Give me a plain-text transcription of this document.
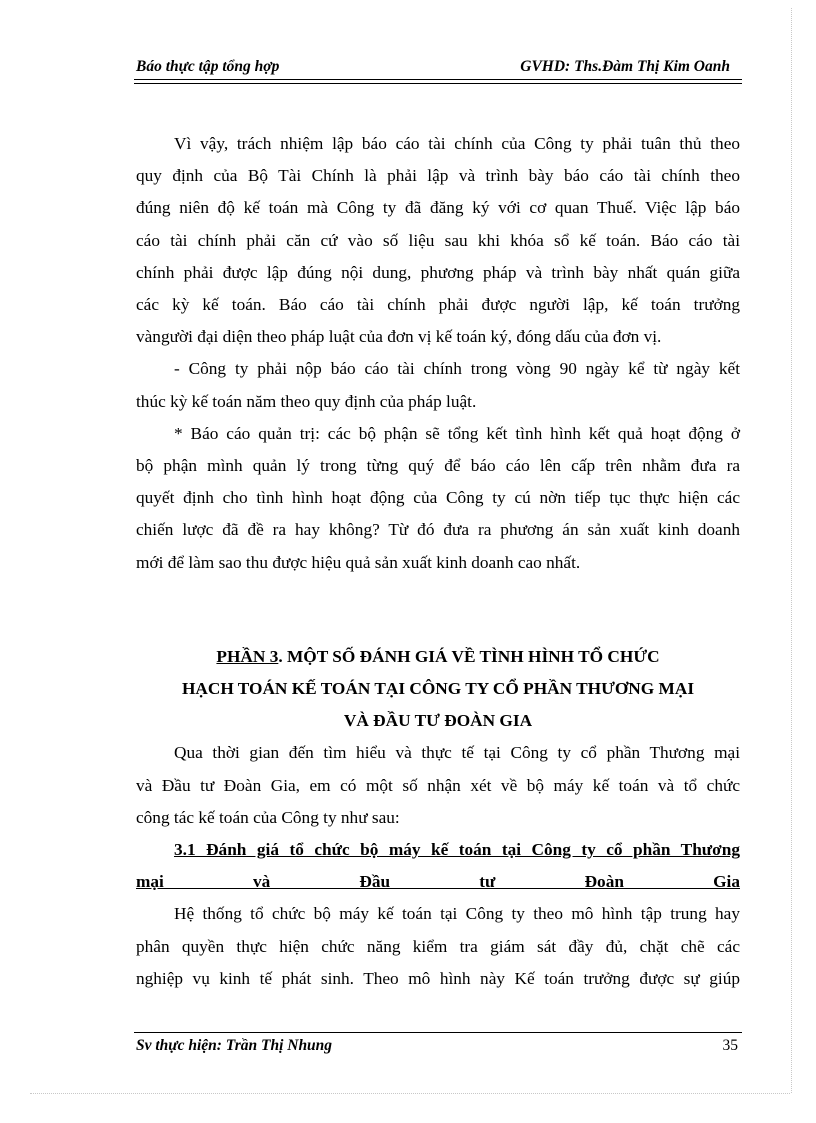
Báo thực tập tổng hợp	GVHD: Ths.Đàm Thị Kim Oanh

Vì vậy, trách nhiệm lập báo cáo tài chính của Công ty phải tuân thủ theo

quy định của Bộ Tài Chính là phải lập và trình bày báo cáo tài chính theo

đúng niên độ kế toán mà Công ty đã đăng ký với cơ quan Thuế. Việc lập báo

cáo tài chính phải căn cứ vào số liệu sau khi khóa sổ kế toán. Báo cáo tài

chính phải được lập đúng nội dung, phương pháp và trình bày nhất quán giữa

các kỳ kế toán. Báo cáo tài chính phải được người lập, kế toán trưởng

vàngười đại diện theo pháp luật của đơn vị kế toán ký, đóng dấu của đơn vị.

- Công ty phải nộp báo cáo tài chính trong vòng 90 ngày kể từ ngày kết

thúc kỳ kế toán năm theo quy định của pháp luật.

* Báo cáo quản trị: các bộ phận sẽ tổng kết tình hình kết quả hoạt động ở

bộ phận mình quản lý trong từng quý để báo cáo lên cấp trên nhằm đưa ra

quyết định cho tình hình hoạt động của Công ty cú nờn tiếp tục thực hiện các

chiến lược đã đề ra hay không? Từ đó đưa ra phương án sản xuất kinh doanh

mới để làm sao thu được hiệu quả sản xuất kinh doanh cao nhất.

PHẦN 3. MỘT SỐ ĐÁNH GIÁ VỀ TÌNH HÌNH TỔ CHỨC
HẠCH TOÁN KẾ TOÁN TẠI CÔNG TY CỔ PHẦN THƯƠNG MẠI
VÀ ĐẦU TƯ ĐOÀN GIA

Qua thời gian đến tìm hiểu và thực tế tại Công ty cổ phần Thương mại

và Đầu tư Đoàn Gia, em có một số nhận xét về bộ máy kế toán và tổ chức

công tác kế toán của Công ty như sau:

3.1 Đánh giá tổ chức bộ máy kế toán tại Công ty cổ phần Thương

mại và Đầu tư Đoàn Gia

Hệ thống tổ chức bộ máy kế toán tại Công ty theo mô hình tập trung hay

phân quyền thực hiện chức năng kiểm tra giám sát đầy đủ, chặt chẽ các

nghiệp vụ kinh tế phát sinh. Theo mô hình này Kế toán trưởng được sự giúp

Sv thực hiện: Trần Thị Nhung	35
